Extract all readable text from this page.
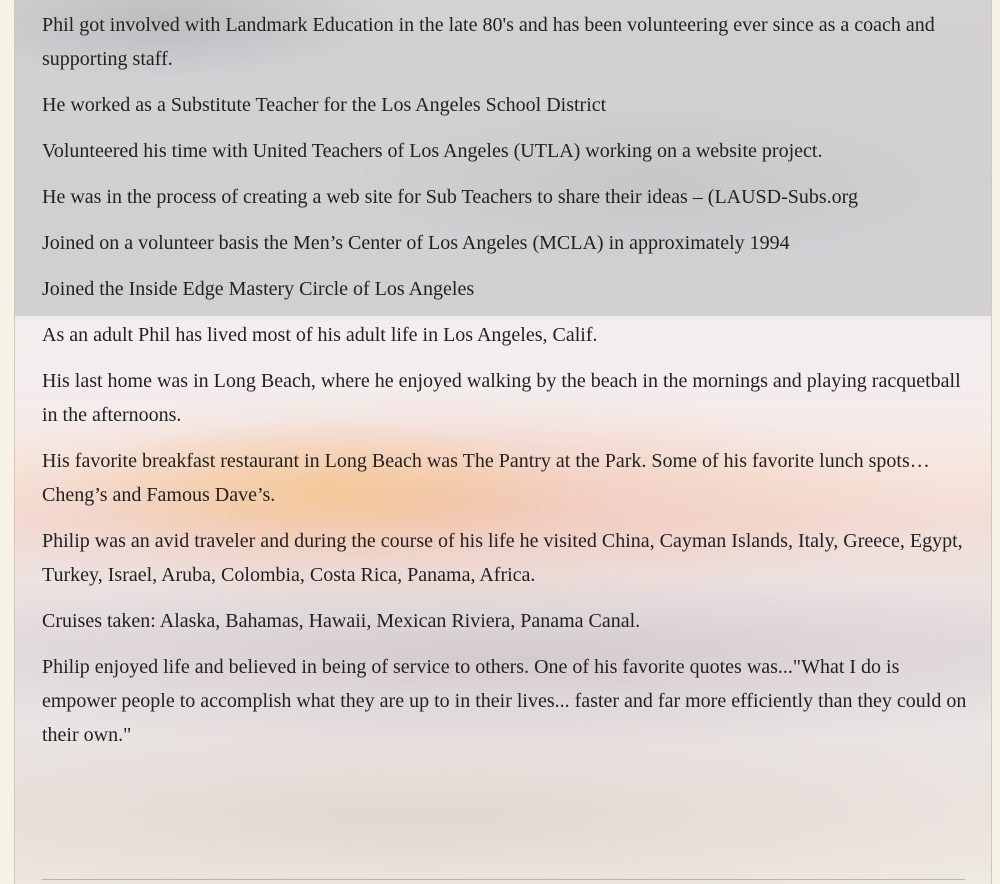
Phil got involved with Landmark Education in the late 80's and has been volunteering ever since as a coach and supporting staff.

He worked as a Substitute Teacher for the Los Angeles School District

Volunteered his time with United Teachers of Los Angeles (UTLA) working on a website project.

He was in the process of creating a web site for Sub Teachers to share their ideas – (LAUSD-Subs.org

Joined on a volunteer basis the Men’s Center of Los Angeles (MCLA) in approximately 1994

Joined the Inside Edge Mastery Circle of Los Angeles

As an adult Phil has lived most of his adult life in Los Angeles, Calif.

His last home was in Long Beach, where he enjoyed walking by the beach in the mornings and playing racquetball in the afternoons.

His favorite breakfast restaurant in Long Beach was The Pantry at the Park. Some of his favorite lunch spots… Cheng’s and Famous Dave’s.

Philip was an avid traveler and during the course of his life he visited China, Cayman Islands, Italy, Greece, Egypt, Turkey, Israel, Aruba, Colombia, Costa Rica, Panama, Africa.

Cruises taken: Alaska, Bahamas, Hawaii, Mexican Riviera, Panama Canal.

Philip enjoyed life and believed in being of service to others. One of his favorite quotes was..."What I do is empower people to accomplish what they are up to in their lives... faster and far more efficiently than they could on their own."
